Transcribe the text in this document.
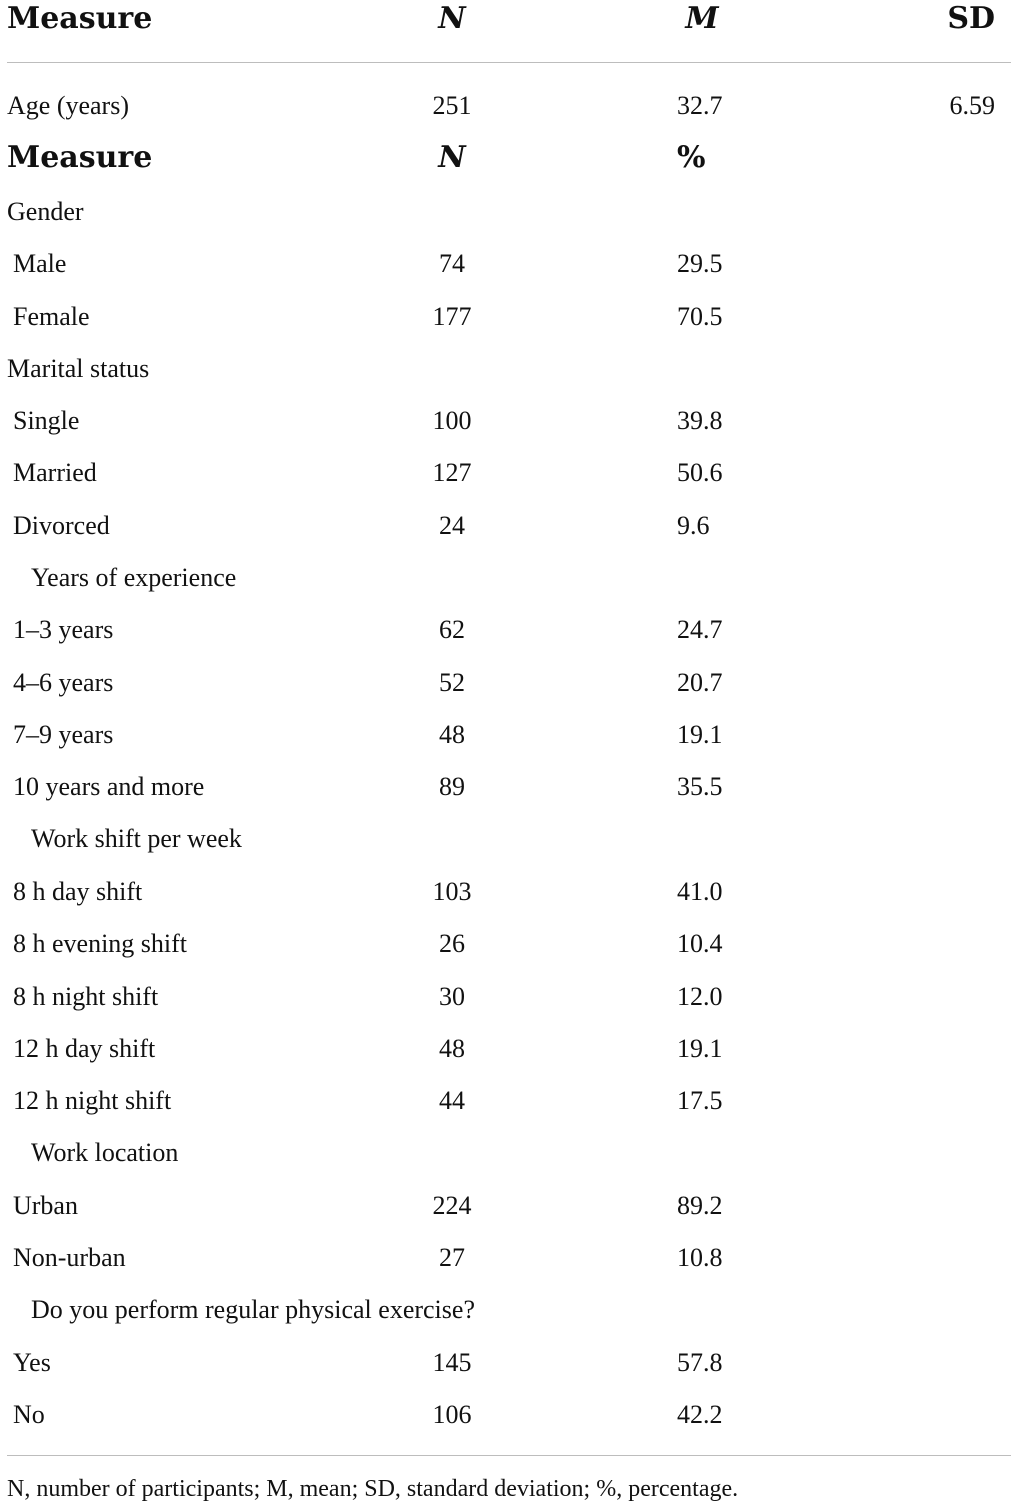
Measure	N	M	SD
Age (years)	251	32.7	6.59
Measure	N	%
Gender
Male	74	29.5
Female	177	70.5
Marital status
Single	100	39.8
Married	127	50.6
Divorced	24	9.6
Years of experience
1–3 years	62	24.7
4–6 years	52	20.7
7–9 years	48	19.1
10 years and more	89	35.5
Work shift per week
8 h day shift	103	41.0
8 h evening shift	26	10.4
8 h night shift	30	12.0
12 h day shift	48	19.1
12 h night shift	44	17.5
Work location
Urban	224	89.2
Non-urban	27	10.8
Do you perform regular physical exercise?
Yes	145	57.8
No	106	42.2
N, number of participants; M, mean; SD, standard deviation; %, percentage.
